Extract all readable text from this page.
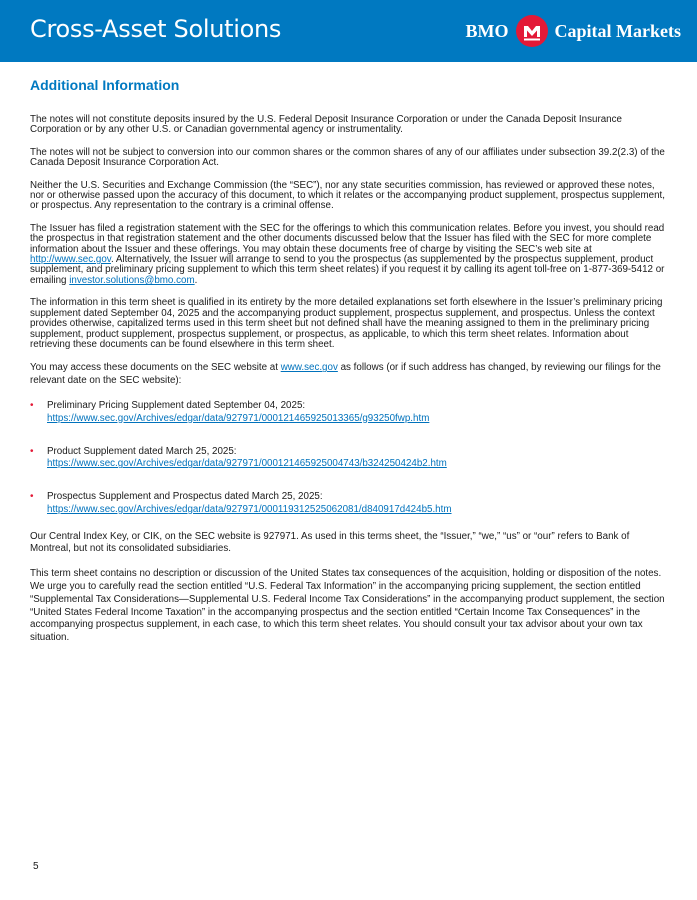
Cross-Asset Solutions	BMO	Capital Markets
Additional Information

The notes will not constitute deposits insured by the U.S. Federal Deposit Insurance Corporation or under the Canada Deposit Insurance Corporation or by any other U.S. or Canadian governmental agency or instrumentality.

The notes will not be subject to conversion into our common shares or the common shares of any of our affiliates under subsection 39.2(2.3) of the Canada Deposit Insurance Corporation Act.

Neither the U.S. Securities and Exchange Commission (the “SEC”), nor any state securities commission, has reviewed or approved these notes, nor or otherwise passed upon the accuracy of this document, to which it relates or the accompanying product supplement, prospectus supplement, or prospectus. Any representation to the contrary is a criminal offense.

The Issuer has filed a registration statement with the SEC for the offerings to which this communication relates. Before you invest, you should read the prospectus in that registration statement and the other documents discussed below that the Issuer has filed with the SEC for more complete information about the Issuer and these offerings. You may obtain these documents free of charge by visiting the SEC’s web site at http://www.sec.gov. Alternatively, the Issuer will arrange to send to you the prospectus (as supplemented by the prospectus supplement, product supplement, and preliminary pricing supplement to which this term sheet relates) if you request it by calling its agent toll-free on 1-877-369-5412 or emailing investor.solutions@bmo.com.

The information in this term sheet is qualified in its entirety by the more detailed explanations set forth elsewhere in the Issuer’s preliminary pricing supplement dated September 04, 2025 and the accompanying product supplement, prospectus supplement, and prospectus. Unless the context provides otherwise, capitalized terms used in this term sheet but not defined shall have the meaning assigned to them in the preliminary pricing supplement, product supplement, prospectus supplement, or prospectus, as applicable, to which this term sheet relates. Information about retrieving these documents can be found elsewhere in this term sheet.

You may access these documents on the SEC website at www.sec.gov as follows (or if such address has changed, by reviewing our filings for the relevant date on the SEC website):

• Preliminary Pricing Supplement dated September 04, 2025:
https://www.sec.gov/Archives/edgar/data/927971/000121465925013365/g93250fwp.htm
• Product Supplement dated March 25, 2025:
https://www.sec.gov/Archives/edgar/data/927971/000121465925004743/b324250424b2.htm
• Prospectus Supplement and Prospectus dated March 25, 2025:
https://www.sec.gov/Archives/edgar/data/927971/000119312525062081/d840917d424b5.htm

Our Central Index Key, or CIK, on the SEC website is 927971. As used in this terms sheet, the “Issuer,” “we,” “us” or “our” refers to Bank of Montreal, but not its consolidated subsidiaries.

This term sheet contains no description or discussion of the United States tax consequences of the acquisition, holding or disposition of the notes. We urge you to carefully read the section entitled “U.S. Federal Tax Information” in the accompanying pricing supplement, the section entitled “Supplemental Tax Considerations—Supplemental U.S. Federal Income Tax Considerations” in the accompanying product supplement, the section “United States Federal Income Taxation” in the accompanying prospectus and the section entitled “Certain Income Tax Consequences” in the accompanying prospectus supplement, in each case, to which this term sheet relates. You should consult your tax advisor about your own tax situation.

5
